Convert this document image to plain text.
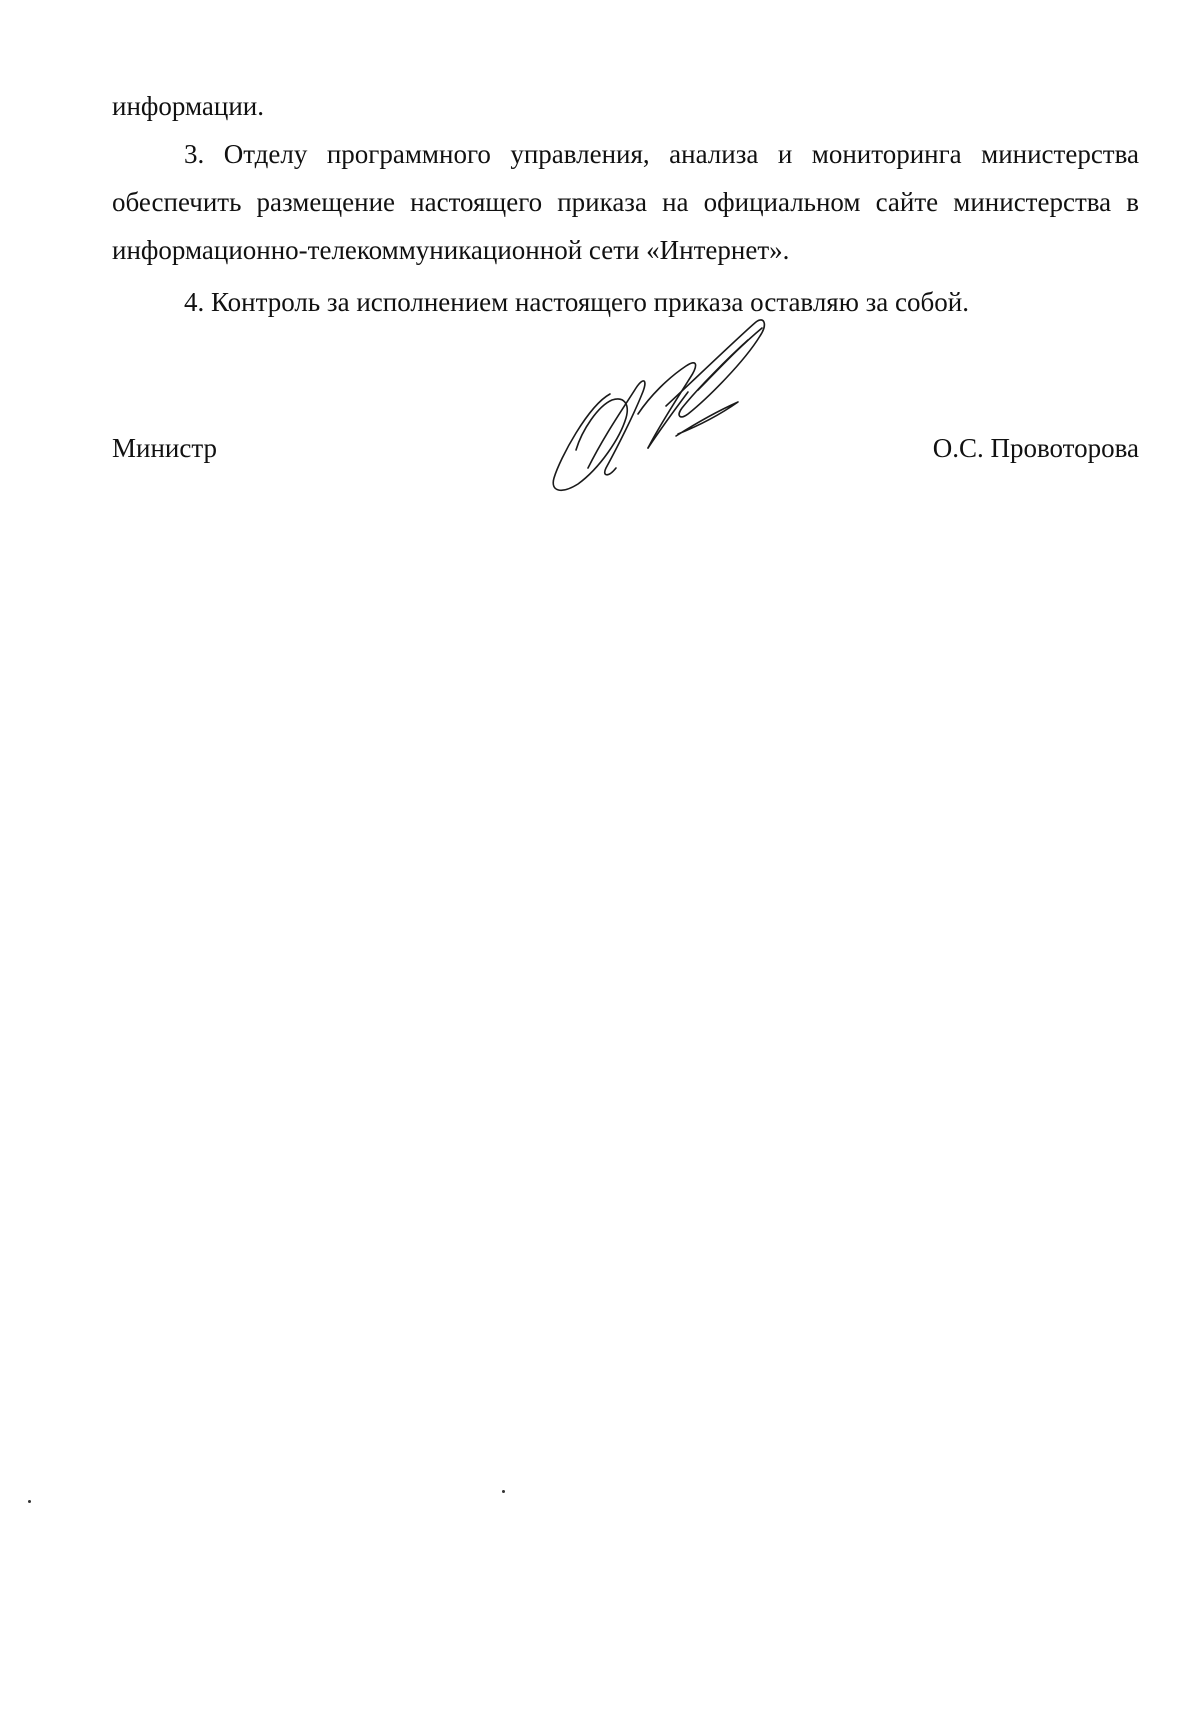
информации.

3. Отделу программного управления, анализа и мониторинга министерства обеспечить размещение настоящего приказа на официальном сайте министерства в информационно-телекоммуникационной сети «Интернет».

4. Контроль за исполнением настоящего приказа оставляю за собой.

Министр	О.С. Провоторова
